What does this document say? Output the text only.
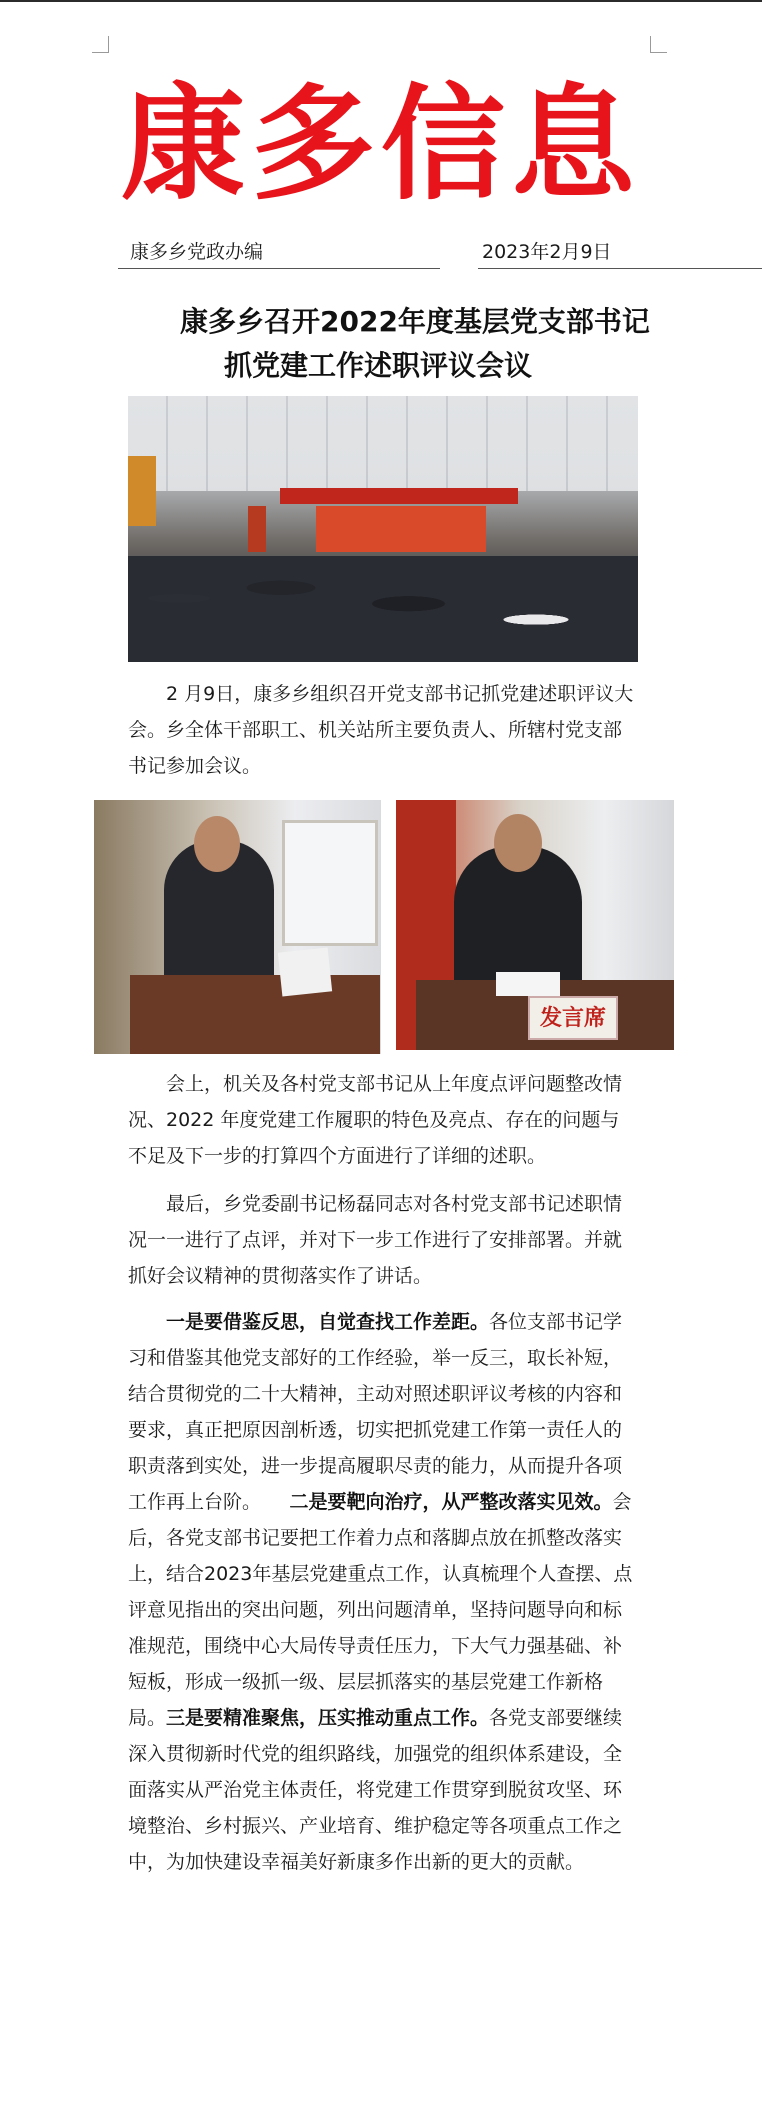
康多信息
康多乡党政办编	2023年2月9日
康多乡召开2022年度基层党支部书记
抓党建工作述职评议会议

2 月9日，康多乡组织召开党支部书记抓党建述职评议大会。乡全体干部职工、机关站所主要负责人、所辖村党支部书记参加会议。

发言席

会上，机关及各村党支部书记从上年度点评问题整改情况、2022 年度党建工作履职的特色及亮点、存在的问题与不足及下一步的打算四个方面进行了详细的述职。

最后，乡党委副书记杨磊同志对各村党支部书记述职情况一一进行了点评，并对下一步工作进行了安排部署。并就抓好会议精神的贯彻落实作了讲话。

一是要借鉴反思，自觉查找工作差距。各位支部书记学习和借鉴其他党支部好的工作经验，举一反三，取长补短，结合贯彻党的二十大精神，主动对照述职评议考核的内容和要求，真正把原因剖析透，切实把抓党建工作第一责任人的职责落到实处，进一步提高履职尽责的能力，从而提升各项工作再上台阶。　　 二是要靶向治疗，从严整改落实见效。会后，各党支部书记要把工作着力点和落脚点放在抓整改落实上，结合2023年基层党建重点工作，认真梳理个人查摆、点评意见指出的突出问题，列出问题清单，坚持问题导向和标准规范，围绕中心大局传导责任压力，下大气力强基础、补短板，形成一级抓一级、层层抓落实的基层党建工作新格局。三是要精准聚焦，压实推动重点工作。各党支部要继续深入贯彻新时代党的组织路线，加强党的组织体系建设，全面落实从严治党主体责任，将党建工作贯穿到脱贫攻坚、环境整治、乡村振兴、产业培育、维护稳定等各项重点工作之中，为加快建设幸福美好新康多作出新的更大的贡献。
